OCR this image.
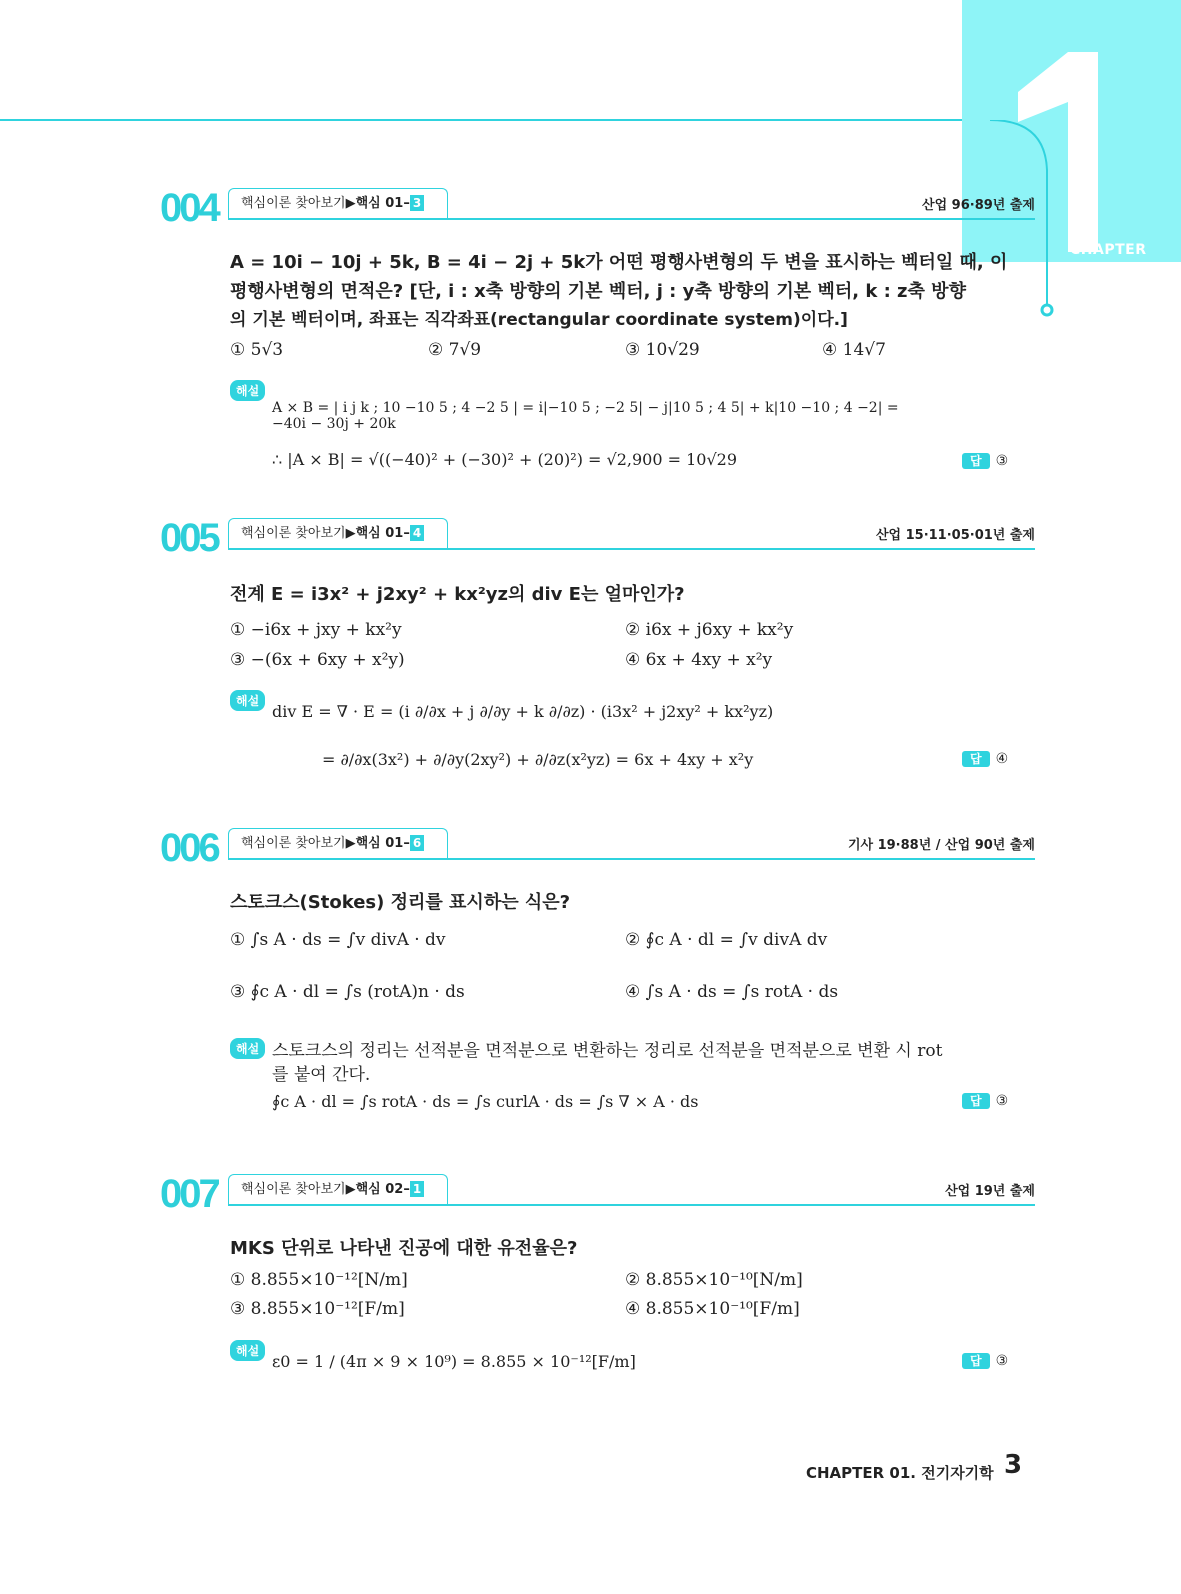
CHAPTER
004	핵심이론 찾아보기▶핵심 01– 3	산업 96·89년 출제
A = 10i − 10j + 5k, B = 4i − 2j + 5k가 어떤 평행사변형의 두 변을 표시하는 벡터일 때, 이
평행사변형의 면적은? [단, i : x축 방향의 기본 벡터, j : y축 방향의 기본 벡터, k : z축 방향
의 기본 벡터이며, 좌표는 직각좌표(rectangular coordinate system)이다.]
① 5√3	② 7√9	③ 10√29	④ 14√7
해설
A × B = | i j k ; 10 −10 5 ; 4 −2 5 | = i|−10 5 ; −2 5| − j|10 5 ; 4 5| + k|10 −10 ; 4 −2| = −40i − 30j + 20k
∴ |A × B| = √((−40)² + (−30)² + (20)²) = √2,900 = 10√29	답 ③
005	핵심이론 찾아보기▶핵심 01– 4	산업 15·11·05·01년 출제
전계 E = i3x² + j2xy² + kx²yz의 div E는 얼마인가?
① −i6x + jxy + kx²y	② i6x + j6xy + kx²y
③ −(6x + 6xy + x²y)	④ 6x + 4xy + x²y
해설
div E = ∇ · E = (i ∂/∂x + j ∂/∂y + k ∂/∂z) · (i3x² + j2xy² + kx²yz)
= ∂/∂x(3x²) + ∂/∂y(2xy²) + ∂/∂z(x²yz) = 6x + 4xy + x²y	답 ④
006	핵심이론 찾아보기▶핵심 01– 6	기사 19·88년 / 산업 90년 출제
스토크스(Stokes) 정리를 표시하는 식은?
① ∫s A · ds = ∫v divA · dv	② ∮c A · dl = ∫v divA dv
③ ∮c A · dl = ∫s (rotA)n · ds	④ ∫s A · ds = ∫s rotA · ds
해설 스토크스의 정리는 선적분을 면적분으로 변환하는 정리로 선적분을 면적분으로 변환 시 rot
를 붙여 간다.
∮c A · dl = ∫s rotA · ds = ∫s curlA · ds = ∫s ∇ × A · ds	답 ③
007	핵심이론 찾아보기▶핵심 02– 1	산업 19년 출제
MKS 단위로 나타낸 진공에 대한 유전율은?
① 8.855×10⁻¹²[N/m]	② 8.855×10⁻¹⁰[N/m]
③ 8.855×10⁻¹²[F/m]	④ 8.855×10⁻¹⁰[F/m]
해설
ε0 = 1 / (4π × 9 × 10⁹) = 8.855 × 10⁻¹²[F/m]	답 ③
CHAPTER 01. 전기자기학 3
